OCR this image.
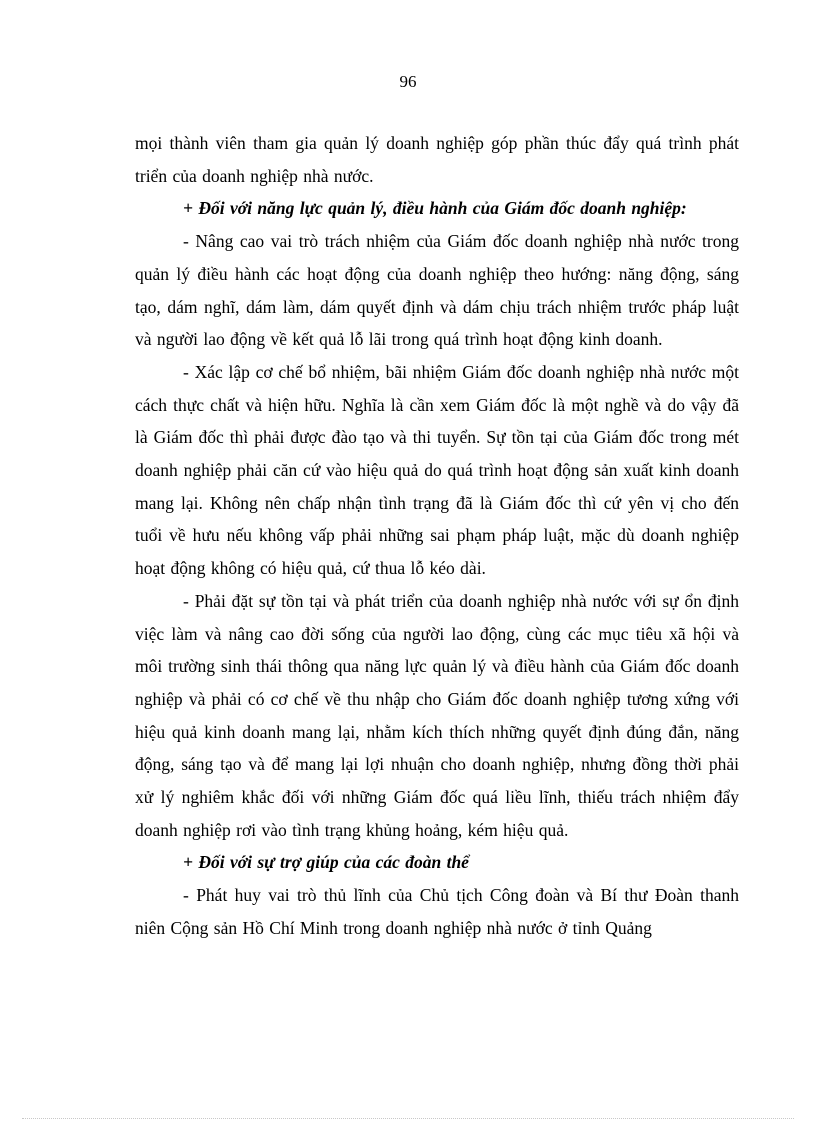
96

mọi thành viên tham gia quản lý doanh nghiệp góp phần thúc đẩy quá trình phát triển của doanh nghiệp nhà nước.

+ Đối với năng lực quản lý, điều hành của Giám đốc doanh nghiệp:

- Nâng cao vai trò trách nhiệm của Giám đốc doanh nghiệp nhà nước trong quản lý điều hành các hoạt động của doanh nghiệp theo hướng: năng động, sáng tạo, dám nghĩ, dám làm, dám quyết định và dám chịu trách nhiệm trước pháp luật và người lao động về kết quả lỗ lãi trong quá trình hoạt động kinh doanh.

- Xác lập cơ chế bổ nhiệm, bãi nhiệm Giám đốc doanh nghiệp nhà nước một cách thực chất và hiện hữu. Nghĩa là cần xem Giám đốc là một nghề và do vậy đã là Giám đốc thì phải được đào tạo và thi tuyển. Sự tồn tại của Giám đốc trong mét doanh nghiệp phải căn cứ vào hiệu quả do quá trình hoạt động sản xuất kinh doanh mang lại. Không nên chấp nhận tình trạng đã là Giám đốc thì cứ yên vị cho đến tuổi về hưu nếu không vấp phải những sai phạm pháp luật, mặc dù doanh nghiệp hoạt động không có hiệu quả, cứ thua lỗ kéo dài.

- Phải đặt sự tồn tại và phát triển của doanh nghiệp nhà nước với sự ổn định việc làm và nâng cao đời sống của người lao động, cùng các mục tiêu xã hội và môi trường sinh thái thông qua năng lực quản lý và điều hành của Giám đốc doanh nghiệp và phải có cơ chế về thu nhập cho Giám đốc doanh nghiệp tương xứng với hiệu quả kinh doanh mang lại, nhằm kích thích những quyết định đúng đắn, năng động, sáng tạo và để mang lại lợi nhuận cho doanh nghiệp, nhưng đồng thời phải xử lý nghiêm khắc đối với những Giám đốc quá liều lĩnh, thiếu trách nhiệm đẩy doanh nghiệp rơi vào tình trạng khủng hoảng, kém hiệu quả.

+ Đối với sự trợ giúp của các đoàn thể

- Phát huy vai trò thủ lĩnh của Chủ tịch Công đoàn và Bí thư Đoàn thanh niên Cộng sản Hồ Chí Minh trong doanh nghiệp nhà nước ở tỉnh Quảng
